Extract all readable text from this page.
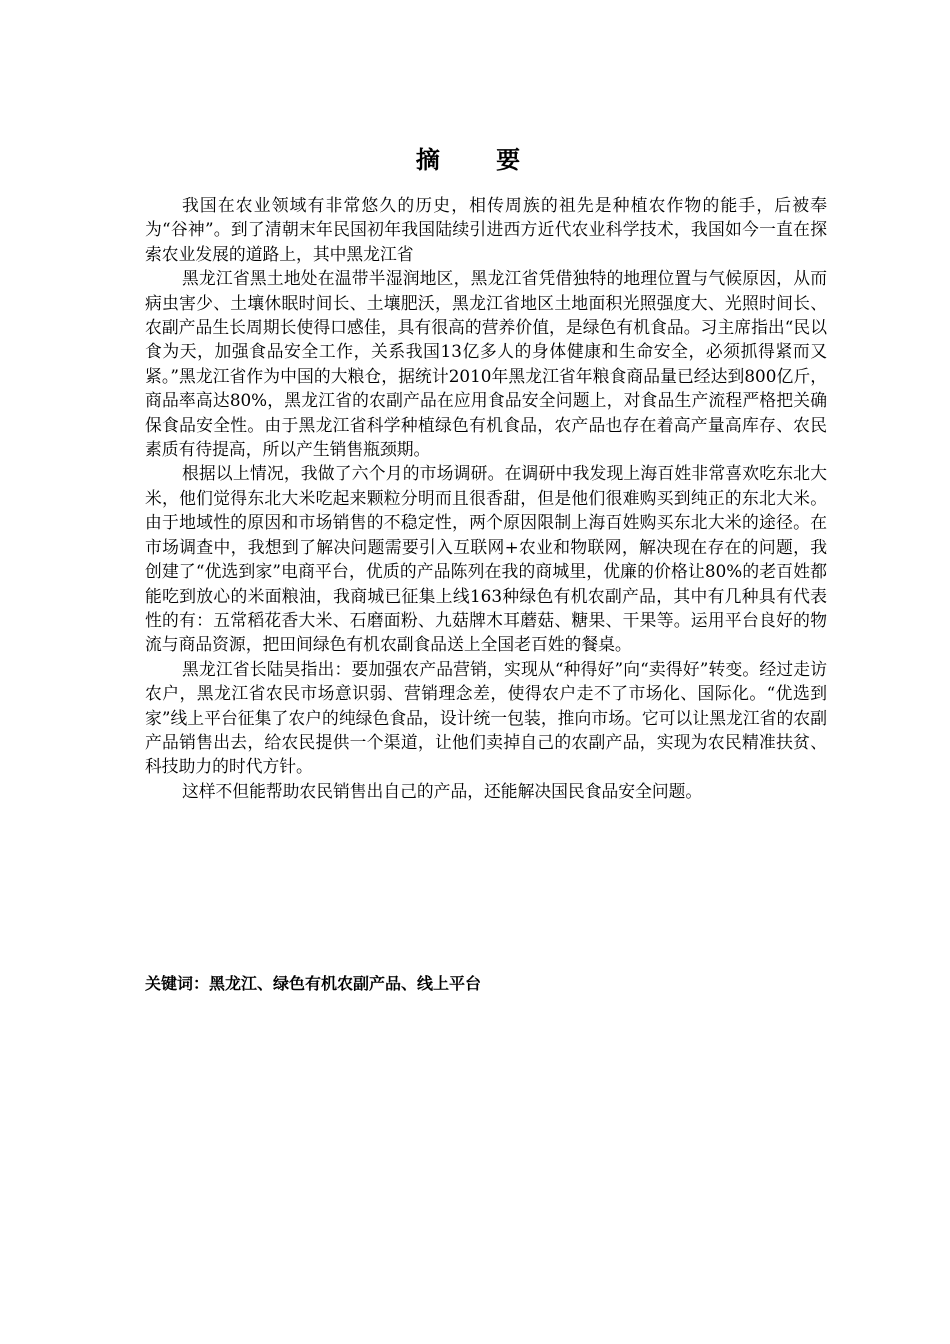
摘 要

我国在农业领域有非常悠久的历史，相传周族的祖先是种植农作物的能手，后被奉为“谷神”。到了清朝末年民国初年我国陆续引进西方近代农业科学技术，我国如今一直在探索农业发展的道路上，其中黑龙江省

黑龙江省黑土地处在温带半湿润地区，黑龙江省凭借独特的地理位置与气候原因，从而病虫害少、土壤休眠时间长、土壤肥沃，黑龙江省地区土地面积光照强度大、光照时间长、农副产品生长周期长使得口感佳，具有很高的营养价值，是绿色有机食品。习主席指出“民以食为天，加强食品安全工作，关系我国13亿多人的身体健康和生命安全，必须抓得紧而又紧。”黑龙江省作为中国的大粮仓，据统计2010年黑龙江省年粮食商品量已经达到800亿斤，商品率高达80%，黑龙江省的农副产品在应用食品安全问题上，对食品生产流程严格把关确保食品安全性。由于黑龙江省科学种植绿色有机食品，农产品也存在着高产量高库存、农民素质有待提高，所以产生销售瓶颈期。

根据以上情况，我做了六个月的市场调研。在调研中我发现上海百姓非常喜欢吃东北大米，他们觉得东北大米吃起来颗粒分明而且很香甜，但是他们很难购买到纯正的东北大米。由于地域性的原因和市场销售的不稳定性，两个原因限制上海百姓购买东北大米的途径。在市场调查中，我想到了解决问题需要引入互联网+农业和物联网，解决现在存在的问题，我创建了“优选到家”电商平台，优质的产品陈列在我的商城里，优廉的价格让80%的老百姓都能吃到放心的米面粮油，我商城已征集上线163种绿色有机农副产品，其中有几种具有代表性的有：五常稻花香大米、石磨面粉、九菇牌木耳蘑菇、糖果、干果等。运用平台良好的物流与商品资源，把田间绿色有机农副食品送上全国老百姓的餐桌。

黑龙江省长陆昊指出：要加强农产品营销，实现从“种得好”向“卖得好”转变。经过走访农户，黑龙江省农民市场意识弱、营销理念差，使得农户走不了市场化、国际化。“优选到家”线上平台征集了农户的纯绿色食品，设计统一包装，推向市场。它可以让黑龙江省的农副产品销售出去，给农民提供一个渠道，让他们卖掉自己的农副产品，实现为农民精准扶贫、科技助力的时代方针。

这样不但能帮助农民销售出自己的产品，还能解决国民食品安全问题。

关键词：黑龙江、绿色有机农副产品、线上平台
